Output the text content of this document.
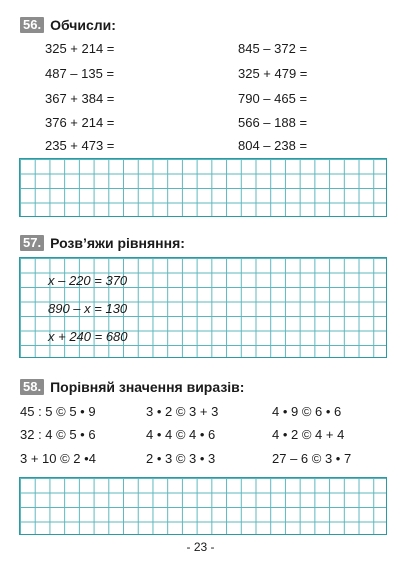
56. Обчисли:
325 + 214 =
487 – 135 =
367 + 384 =
376 + 214 =
235 + 473 =
845 – 372 =
325 + 479 =
790 – 465 =
566 – 188 =
804 – 238 =
57. Розв’яжи рівняння:
x – 220 = 370
890 – x = 130
x + 240 = 680
58. Порівняй значення виразів:
45 : 5 © 5 • 9
32 : 4 © 5 • 6
3 + 10 © 2 •4
3 • 2 © 3 + 3
4 • 4 © 4 • 6
2 • 3 © 3 • 3
4 • 9 © 6 • 6
4 • 2 © 4 + 4
27 – 6 © 3 • 7
- 23 -
